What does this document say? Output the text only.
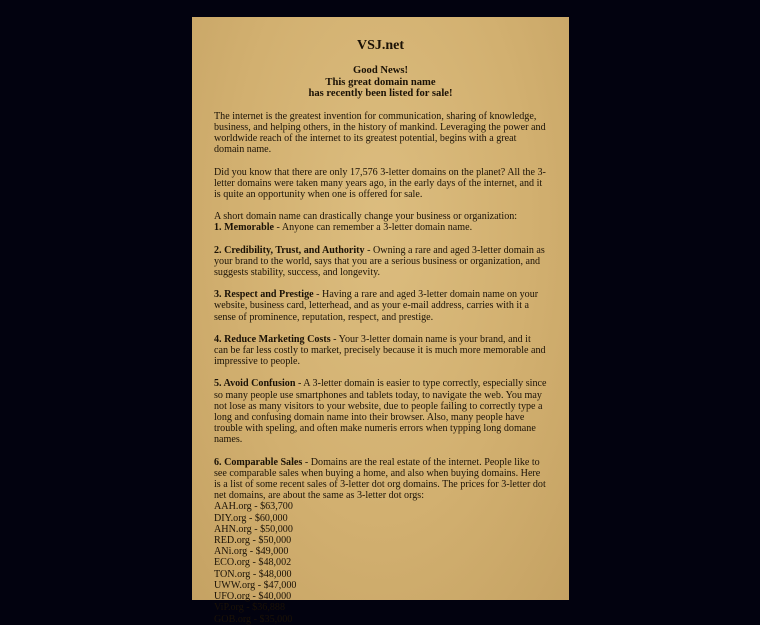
VSJ.net
Good News!
This great domain name
has recently been listed for sale!

The internet is the greatest invention for communication, sharing of knowledge, business, and helping others, in the history of mankind. Leveraging the power and worldwide reach of the internet to its greatest potential, begins with a great domain name.

Did you know that there are only 17,576 3-letter domains on the planet? All the 3-letter domains were taken many years ago, in the early days of the internet, and it is quite an opportunity when one is offered for sale.

A short domain name can drastically change your business or organization:
1. Memorable - Anyone can remember a 3-letter domain name.

2. Credibility, Trust, and Authority - Owning a rare and aged 3-letter domain as your brand to the world, says that you are a serious business or organization, and suggests stability, success, and longevity.

3. Respect and Prestige - Having a rare and aged 3-letter domain name on your website, business card, letterhead, and as your e-mail address, carries with it a sense of prominence, reputation, respect, and prestige.

4. Reduce Marketing Costs - Your 3-letter domain name is your brand, and it can be far less costly to market, precisely because it is much more memorable and impressive to people.

5. Avoid Confusion - A 3-letter domain is easier to type correctly, especially since so many people use smartphones and tablets today, to navigate the web. You may not lose as many visitors to your website, due to people failing to correctly type a long and confusing domain name into their browser. Also, many people have trouble with speling, and often make numeris errors when typping long domane names.

6. Comparable Sales - Domains are the real estate of the internet. People like to see comparable sales when buying a home, and also when buying domains. Here is a list of some recent sales of 3-letter dot org domains. The prices for 3-letter dot net domains, are about the same as 3-letter dot orgs:
AAH.org - $63,700
DIY.org - $60,000
AHN.org - $50,000
RED.org - $50,000
ANi.org - $49,000
ECO.org - $48,002
TON.org - $48,000
UWW.org - $47,000
UFO.org - $40,000
ViP.org - $36,888
GOB.org - $35,000
